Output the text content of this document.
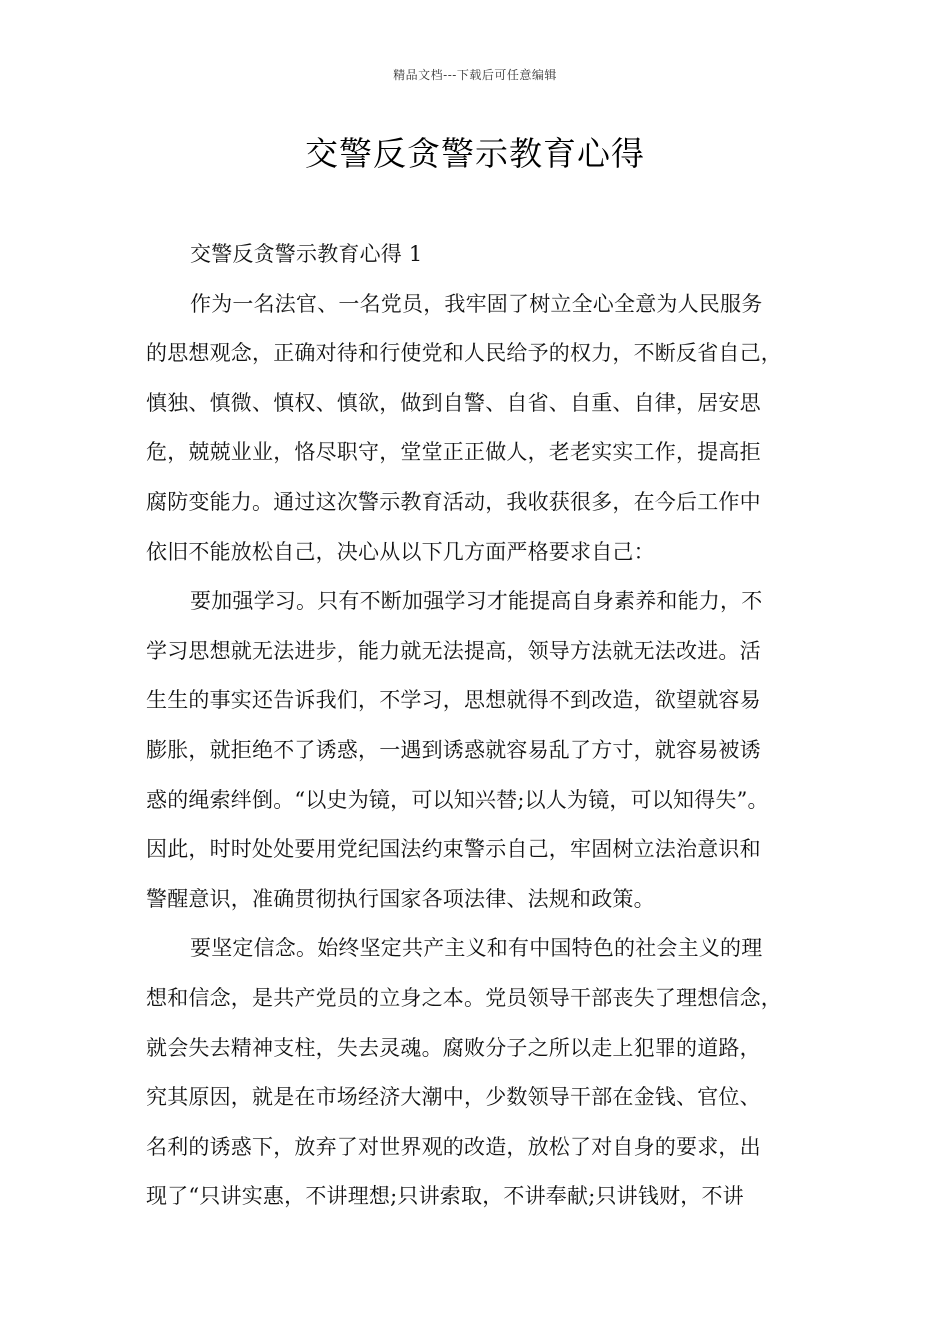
精品文档---下载后可任意编辑
交警反贪警示教育心得
交警反贪警示教育心得 1
作为一名法官、一名党员，我牢固了树立全心全意为人民服务
的思想观念，正确对待和行使党和人民给予的权力，不断反省自己，
慎独、慎微、慎权、慎欲，做到自警、自省、自重、自律，居安思
危，兢兢业业，恪尽职守，堂堂正正做人，老老实实工作，提高拒
腐防变能力。通过这次警示教育活动，我收获很多，在今后工作中
依旧不能放松自己，决心从以下几方面严格要求自己：
要加强学习。只有不断加强学习才能提高自身素养和能力，不
学习思想就无法进步，能力就无法提高，领导方法就无法改进。活
生生的事实还告诉我们，不学习，思想就得不到改造，欲望就容易
膨胀，就拒绝不了诱惑，一遇到诱惑就容易乱了方寸，就容易被诱
惑的绳索绊倒。“以史为镜，可以知兴替;以人为镜，可以知得失”。
因此，时时处处要用党纪国法约束警示自己，牢固树立法治意识和
警醒意识，准确贯彻执行国家各项法律、法规和政策。
要坚定信念。始终坚定共产主义和有中国特色的社会主义的理
想和信念，是共产党员的立身之本。党员领导干部丧失了理想信念，
就会失去精神支柱，失去灵魂。腐败分子之所以走上犯罪的道路，
究其原因，就是在市场经济大潮中，少数领导干部在金钱、官位、
名利的诱惑下，放弃了对世界观的改造，放松了对自身的要求，出
现了“只讲实惠，不讲理想;只讲索取，不讲奉献;只讲钱财，不讲
